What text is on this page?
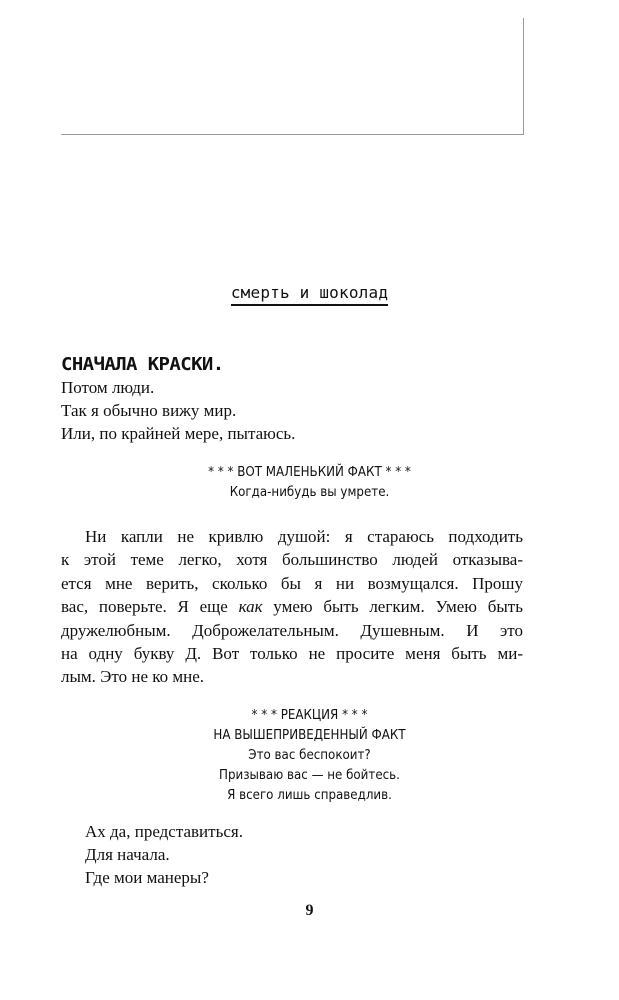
смерть и шоколад
СНАЧАЛА КРАСКИ.
Потом люди.
Так я обычно вижу мир.
Или, по крайней мере, пытаюсь.
* * * ВОТ МАЛЕНЬКИЙ ФАКТ * * *
Когда-нибудь вы умрете.
Ни капли не кривлю душой: я стараюсь подходить
к этой теме легко, хотя большинство людей отказыва-
ется мне верить, сколько бы я ни возмущался. Прошу
вас, поверьте. Я еще как умею быть легким. Умею быть
дружелюбным. Доброжелательным. Душевным. И это
на одну букву Д. Вот только не просите меня быть ми-
лым. Это не ко мне.
* * * РЕАКЦИЯ * * *
НА ВЫШЕПРИВЕДЕННЫЙ ФАКТ
Это вас беспокоит?
Призываю вас — не бойтесь.
Я всего лишь справедлив.
Ах да, представиться.
Для начала.
Где мои манеры?
9
